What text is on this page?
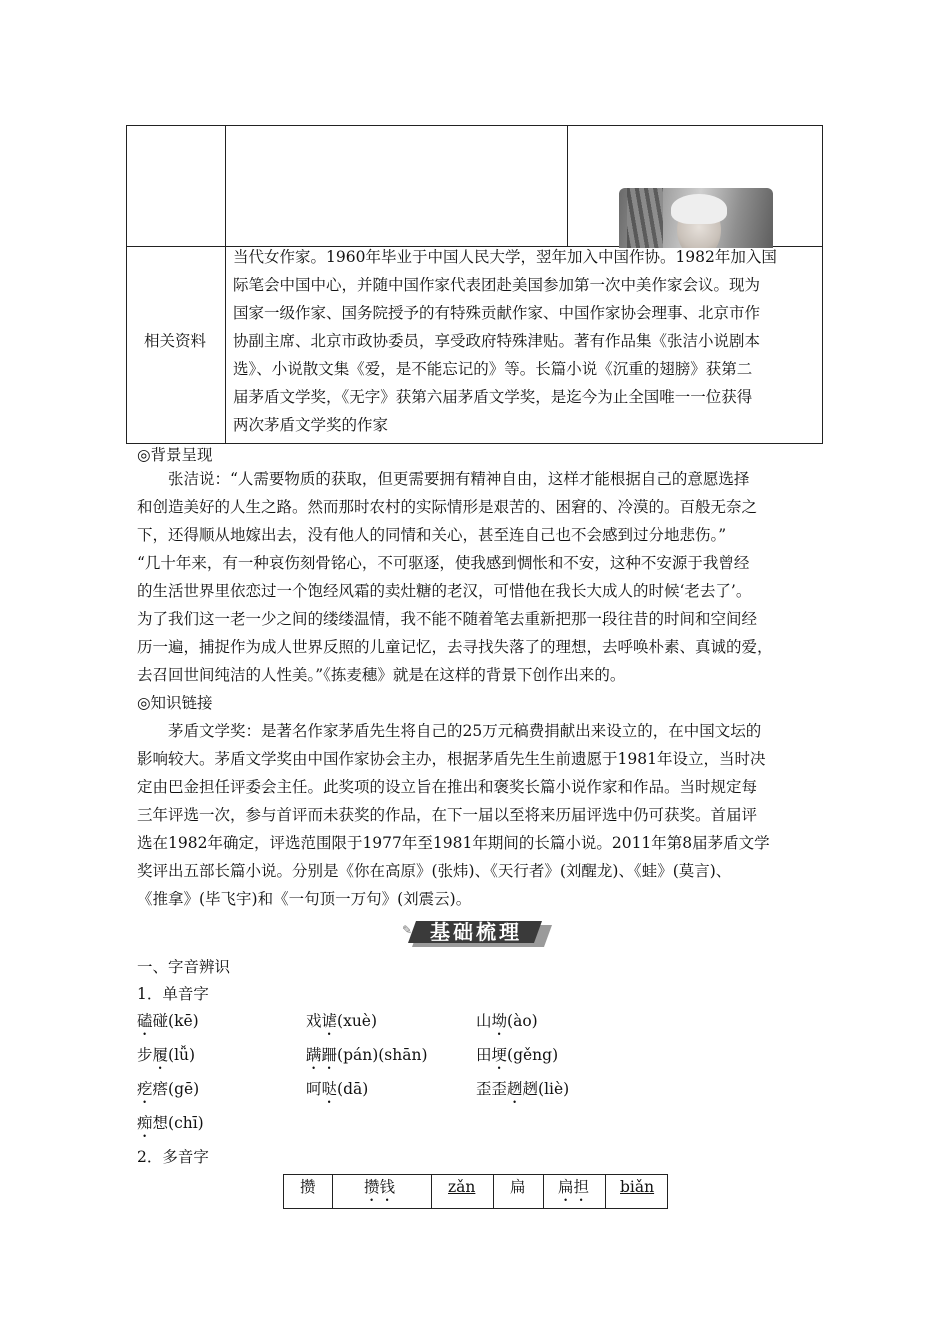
相关资料
当代女作家。1960年毕业于中国人民大学，翌年加入中国作协。1982年加入国
际笔会中国中心，并随中国作家代表团赴美国参加第一次中美作家会议。现为
国家一级作家、国务院授予的有特殊贡献作家、中国作家协会理事、北京市作
协副主席、北京市政协委员，享受政府特殊津贴。著有作品集《张洁小说剧本
选》、小说散文集《爱，是不能忘记的》等。长篇小说《沉重的翅膀》获第二
届茅盾文学奖，《无字》获第六届茅盾文学奖，是迄今为止全国唯一一位获得
两次茅盾文学奖的作家
◎背景呈现
张洁说：“人需要物质的获取，但更需要拥有精神自由，这样才能根据自己的意愿选择
和创造美好的人生之路。然而那时农村的实际情形是艰苦的、困窘的、冷漠的。百般无奈之
下，还得顺从地嫁出去，没有他人的同情和关心，甚至连自己也不会感到过分地悲伤。”
“几十年来，有一种哀伤刻骨铭心，不可驱逐，使我感到惆怅和不安，这种不安源于我曾经
的生活世界里依恋过一个饱经风霜的卖灶糖的老汉，可惜他在我长大成人的时候‘老去了’。
为了我们这一老一少之间的缕缕温情，我不能不随着笔去重新把那一段往昔的时间和空间经
历一遍，捕捉作为成人世界反照的儿童记忆，去寻找失落了的理想，去呼唤朴素、真诚的爱，
去召回世间纯洁的人性美。”《拣麦穗》就是在这样的背景下创作出来的。
◎知识链接
茅盾文学奖：是著名作家茅盾先生将自己的25万元稿费捐献出来设立的，在中国文坛的
影响较大。茅盾文学奖由中国作家协会主办，根据茅盾先生生前遗愿于1981年设立，当时决
定由巴金担任评委会主任。此奖项的设立旨在推出和褒奖长篇小说作家和作品。当时规定每
三年评选一次，参与首评而未获奖的作品，在下一届以至将来历届评选中仍可获奖。首届评
选在1982年确定，评选范围限于1977年至1981年期间的长篇小说。2011年第8届茅盾文学
奖评出五部长篇小说。分别是《你在高原》(张炜)、《天行者》(刘醒龙)、《蛙》(莫言)、
《推拿》(毕飞宇)和《一句顶一万句》(刘震云)。
✎ 基础梳理
一、字音辨识
1．单音字
磕碰(kē)	戏谑(xuè)	山坳(ào)
步履(lǚ)	蹒跚(pán)(shān)	田埂(gěng)
疙瘩(gē)	呵哒(dā)	歪歪趔趔(liè)
痴想(chī)
2．多音字
攒	攒钱	zǎn 扁 扁担 biǎn
